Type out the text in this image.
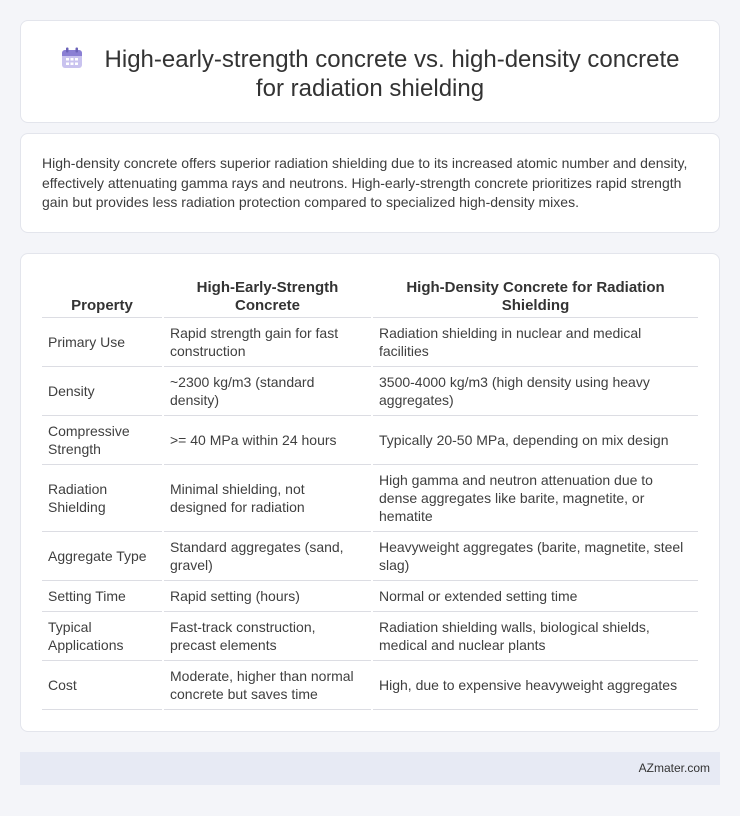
High-early-strength concrete vs. high-density concrete
for radiation shielding

High-density concrete offers superior radiation shielding due to its increased atomic number and density, effectively attenuating gamma rays and neutrons. High-early-strength concrete prioritizes rapid strength gain but provides less radiation protection compared to specialized high-density mixes.

Property	High-Early-Strength Concrete	High-Density Concrete for Radiation Shielding
Primary Use	Rapid strength gain for fast construction	Radiation shielding in nuclear and medical facilities
Density	~2300 kg/m3 (standard density)	3500-4000 kg/m3 (high density using heavy aggregates)
Compressive Strength	>= 40 MPa within 24 hours	Typically 20-50 MPa, depending on mix design
Radiation Shielding	Minimal shielding, not designed for radiation	High gamma and neutron attenuation due to dense aggregates like barite, magnetite, or hematite
Aggregate Type	Standard aggregates (sand, gravel)	Heavyweight aggregates (barite, magnetite, steel slag)
Setting Time	Rapid setting (hours)	Normal or extended setting time
Typical Applications	Fast-track construction, precast elements	Radiation shielding walls, biological shields, medical and nuclear plants
Cost	Moderate, higher than normal concrete but saves time	High, due to expensive heavyweight aggregates
AZmater.com
